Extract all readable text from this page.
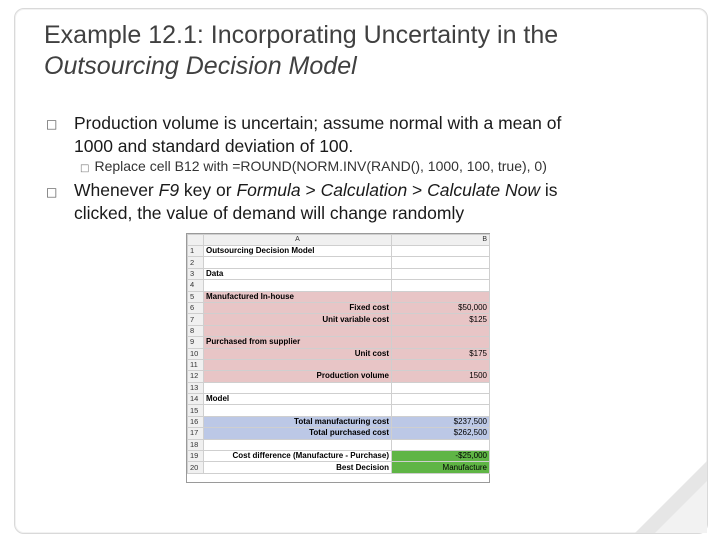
Example 12.1: Incorporating Uncertainty in the
Outsourcing Decision Model
□ Production volume is uncertain; assume normal with a mean of
1000 and standard deviation of 100.
□ Replace cell B12 with =ROUND(NORM.INV(RAND(), 1000, 100, true), 0)
□ Whenever F9 key or Formula > Calculation > Calculate Now is
clicked, the value of demand will change randomly
	A	B
1	Outsourcing Decision Model	
2		
3	Data	
4		
5	Manufactured In-house	
6	Fixed cost	$50,000
7	Unit variable cost	$125
8		
9	Purchased from supplier	
10	Unit cost	$175
11		
12	Production volume	1500
13		
14	Model	
15		
16	Total manufacturing cost	$237,500
17	Total purchased cost	$262,500
18		
19	Cost difference (Manufacture - Purchase)	-$25,000
20	Best Decision	Manufacture
